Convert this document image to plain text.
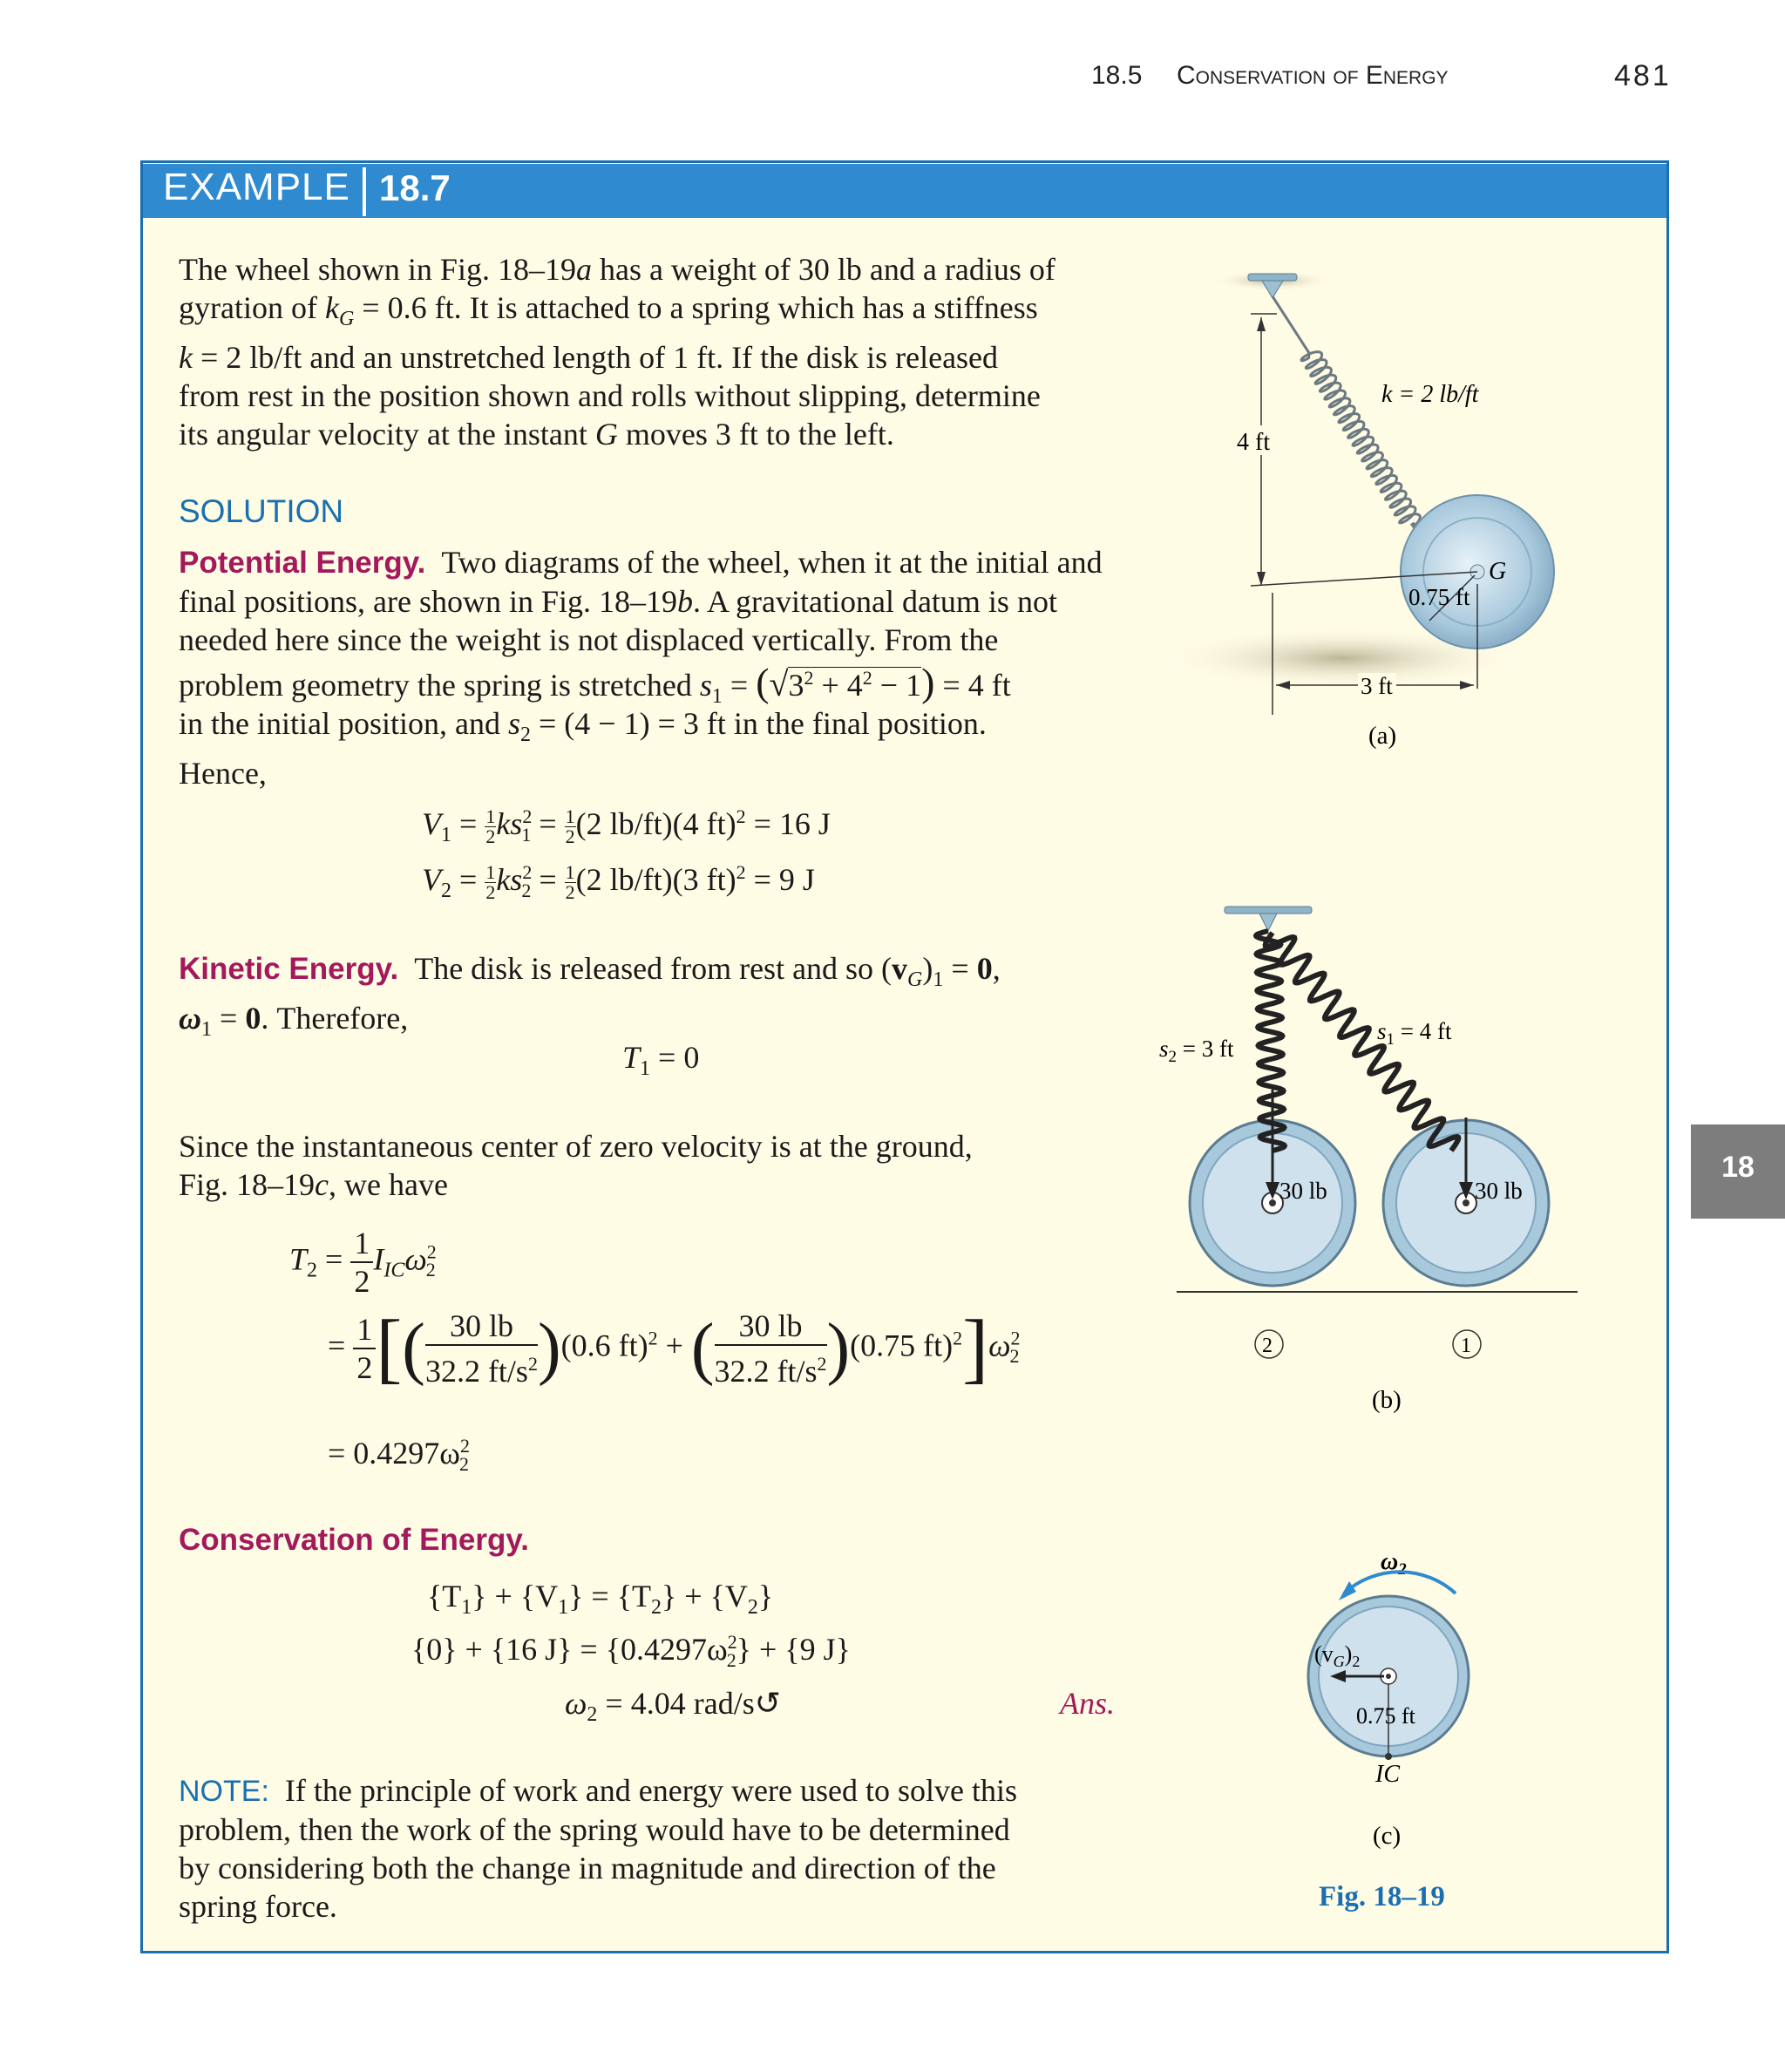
18.5 Conservation of Energy	481
EXAMPLE 18.7
The wheel shown in Fig. 18–19a has a weight of 30 lb and a radius of
gyration of $k_G = 0.6$ ft. It is attached to a spring which has a stiffness
k = 2 lb/ft and an unstretched length of 1 ft. If the disk is released
from rest in the position shown and rolls without slipping, determine
its angular velocity at the instant G moves 3 ft to the left.
SOLUTION
Potential Energy. Two diagrams of the wheel, when it at the initial and
final positions, are shown in Fig. 18–19b. A gravitational datum is not
needed here since the weight is not displaced vertically. From the
problem geometry the spring is stretched $s_1 = (√3^2 + 4^2 - 1) = 4$ ft
in the initial position, and $s_2 = (4 - 1) = 3$ ft in the final position.
Hence,
$V_1 = \frac{1}{2} ks^2_1 = \frac{1}{2} (2$ lb/ft)(4 ft)$^2$ = 16 J
$V_2 = \frac{1}{2} ks^2_2 = \frac{1}{2} (2$ lb/ft)(3 ft)$^2$ = 9 J
Kinetic Energy. The disk is released from rest and so $(v_G)_1 = 0$,
$\omega_1 = 0$. Therefore,
$T_1 = 0$
Since the instantaneous center of zero velocity is at the ground,
Fig. 18–19c, we have
$T_2 = \frac{1}{2} I_{IC}\omega^2_2$
= $\frac{1}{2}$ [( $\frac{30 lb}{32.2 ft/s^2} )(0.6$ ft)$^2$ + ( $\frac{30 lb}{32.2 ft/s^2} )(0.75$ $ft)^2]\omega^2_2$
= $0.4297\omega^2_2$
Conservation of Energy.
$\{T_1\} + \{V_1\} = \{T_2\} + \{V_2\}$
{0} + {16 $J\} = \{0.4297\omega^2_2\} + \{9$ J}
$\omega_2 = 4.04$ rad/s↺	Ans.
NOTE: If the principle of work and energy were used to solve this
problem, then the work of the spring would have to be determined
by considering both the change in magnitude and direction of the
spring force.
18
4 ft
k = 2 lb/ft
G
0.75 ft
3 ft
(a)
30 lb	30 lb
$s_2 = 3$ ft
$s_1 = 4$ ft
2	1
(b)
$\omega_2$
$(v_G)_2$
0.75 ft
IC
(c)
Fig. 18–19
